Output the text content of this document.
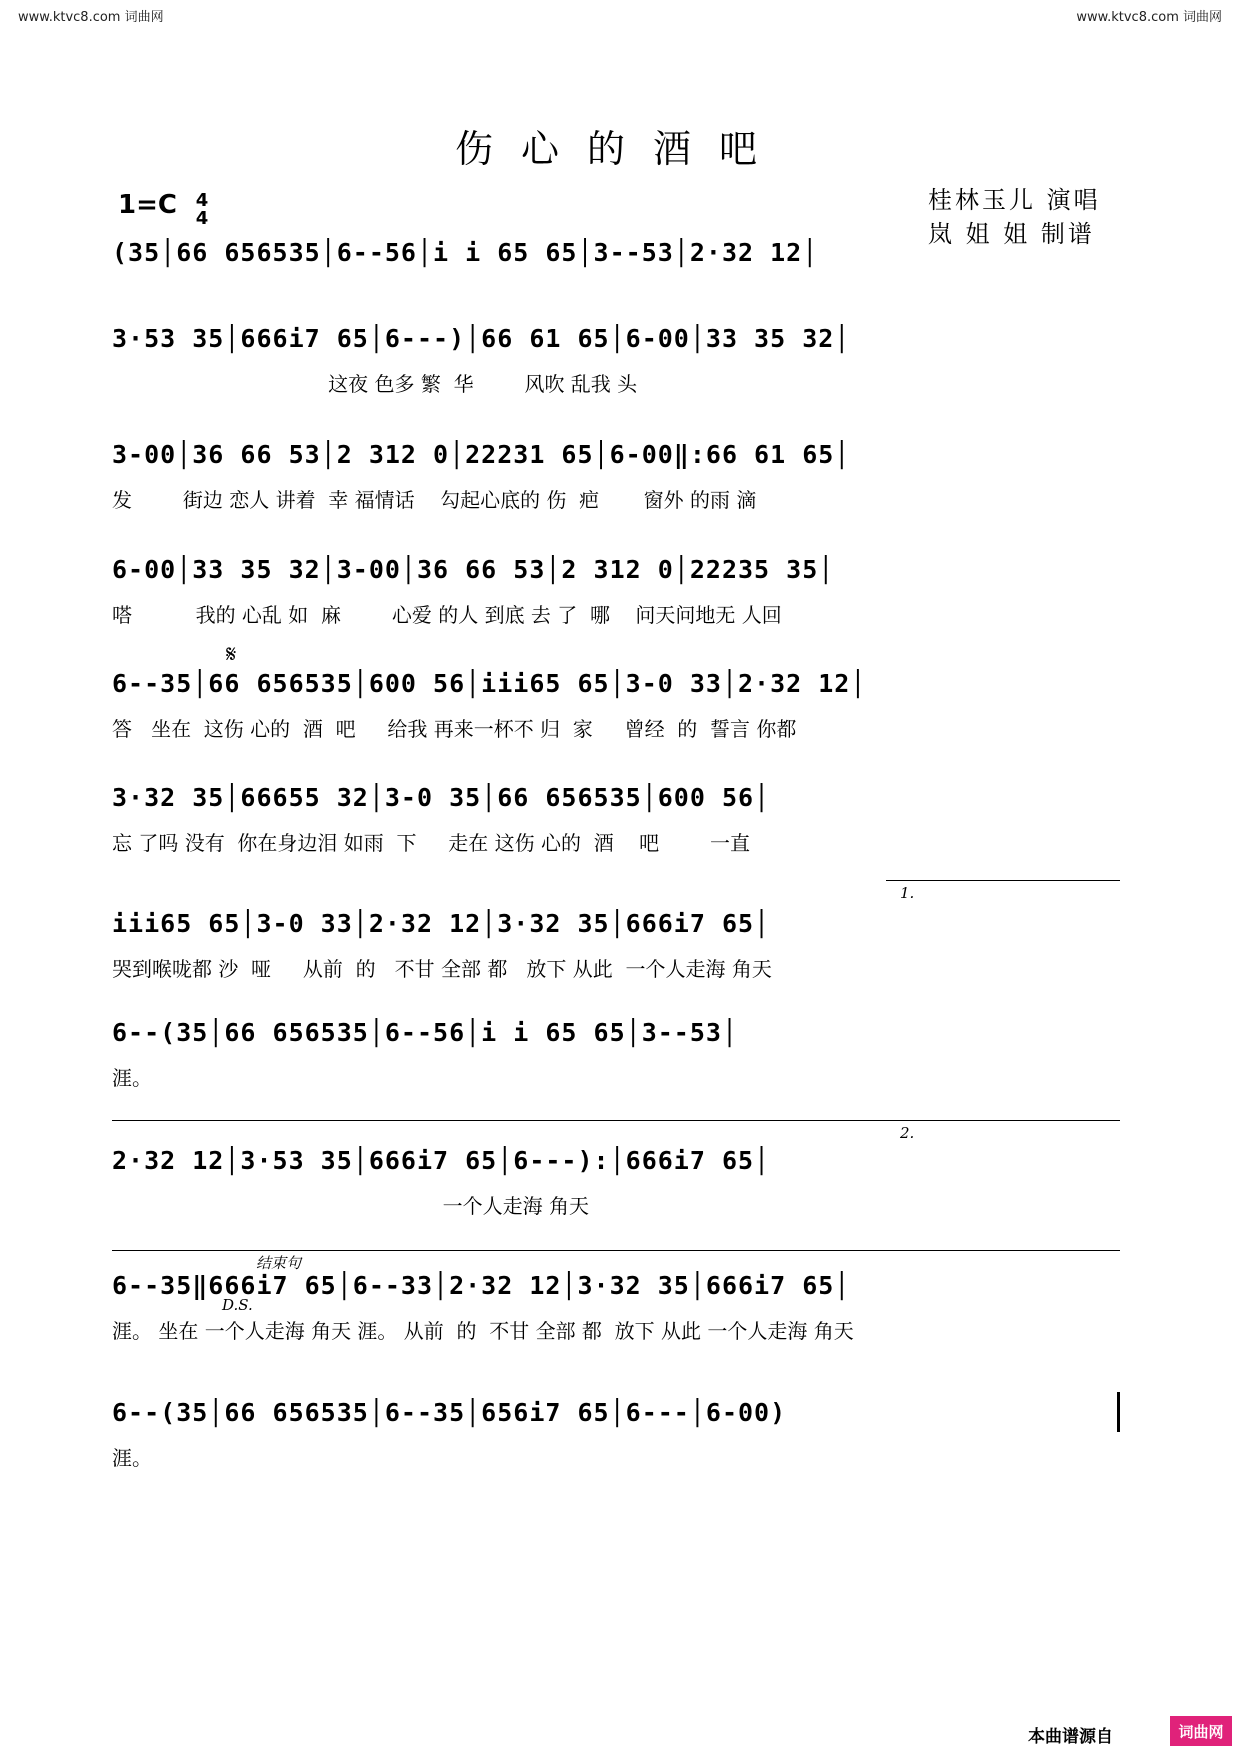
www.ktvc8.com 词曲网	www.ktvc8.com 词曲网
伤心的酒吧
1=C 4
4
桂林玉儿 演唱
岚 姐 姐 制谱
(35│66 656535│6--56│i i 65 65│3--53│2·32 12│
3·53 35│666i7 65│6---)│66 61 65│6-00│33 35 32│
这夜 色多 繁  华        风吹 乱我 头
3-00│36 66 53│2 312 0│22231 65│6-00‖:66 61 65│
发        街边 恋人 讲着  幸 福情话    勾起心底的 伤  疤       窗外 的雨 滴
6-00│33 35 32│3-00│36 66 53│2 312 0│22235 35│
嗒          我的 心乱 如  麻        心爱 的人 到底 去 了  哪    问天问地无 人回
𝄋
6--35│66 656535│600 56│iii65 65│3-0 33│2·32 12│
答   坐在  这伤 心的  酒  吧     给我 再来一杯不 归  家     曾经  的  誓言 你都
3·32 35│66655 32│3-0 35│66 656535│600 56│
忘 了吗 没有  你在身边泪 如雨  下     走在 这伤 心的  酒    吧        一直
1.
iii65 65│3-0 33│2·32 12│3·32 35│666i7 65│
哭到喉咙都 沙  哑     从前  的   不甘 全部 都   放下 从此  一个人走海 角天
6--(35│66 656535│6--56│i i 65 65│3--53│
涯。
2.
2·32 12│3·53 35│666i7 65│6---):│666i7 65│
一个人走海 角天
结束句
6--35‖666i7 65│6--33│2·32 12│3·32 35│666i7 65│
涯。 坐在 一个人走海 角天 涯。 从前  的  不甘 全部 都  放下 从此 一个人走海 角天
D.S.
6--(35│66 656535│6--35│656i7 65│6---│6-00)
涯。
本曲谱源自	词曲网
